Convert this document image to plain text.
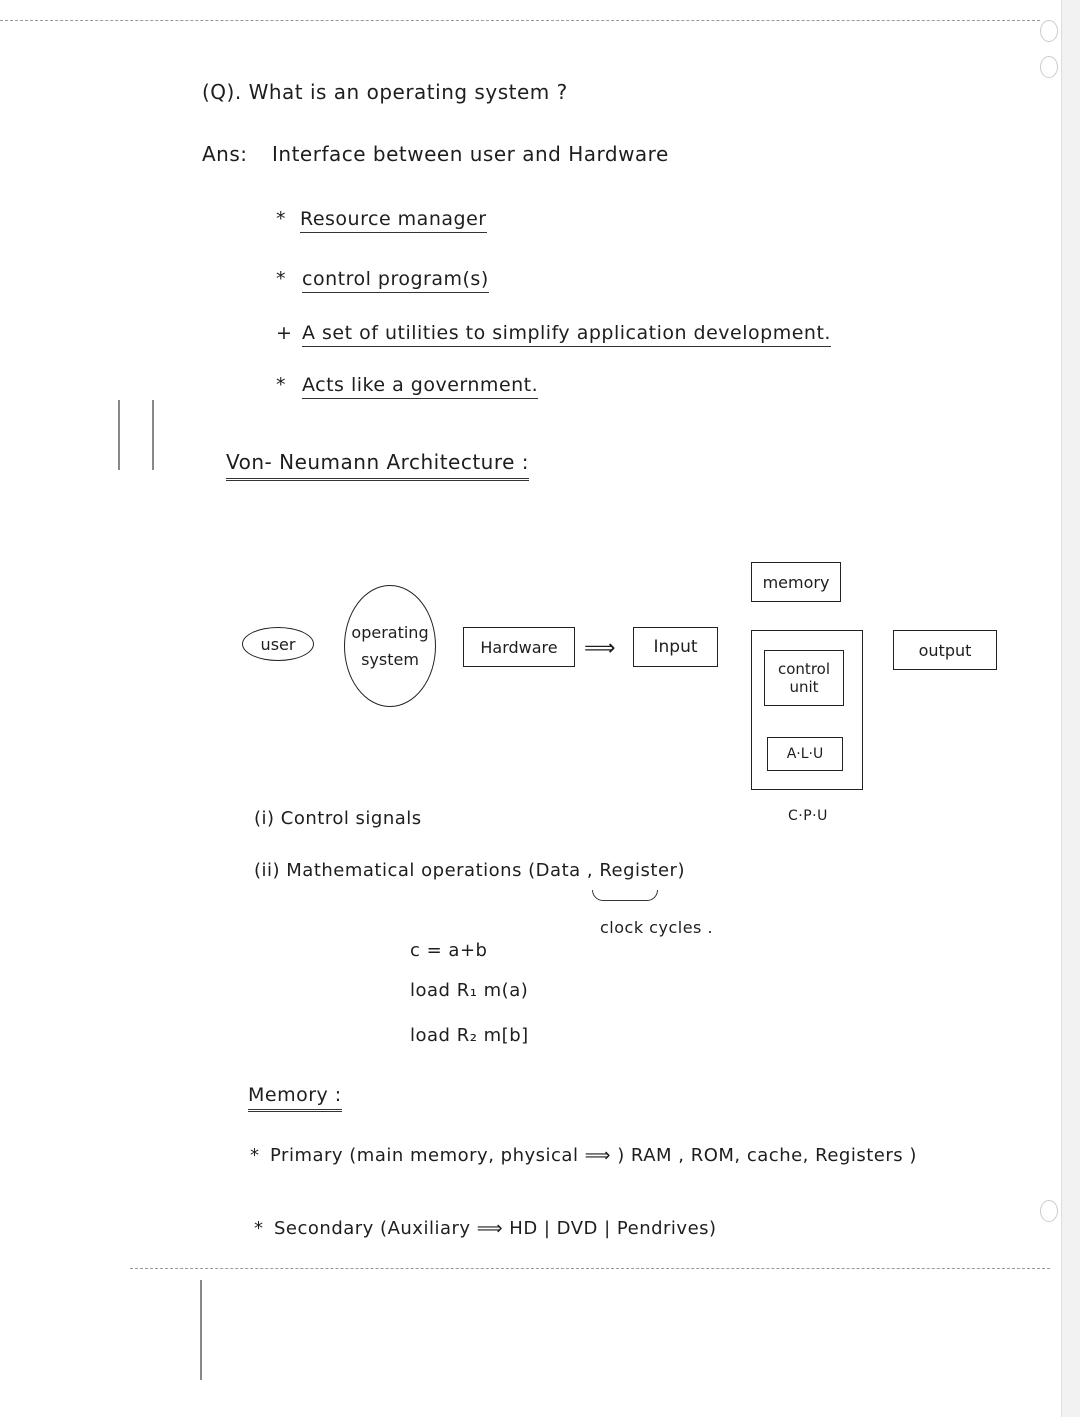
(Q). What is an operating system ?
Ans: Interface between user and Hardware
* Resource manager
* control program(s)
+ A set of utilities to simplify application development.
* Acts like a government.
Von- Neumann Architecture :
user
operating
system
Hardware	⟹	Input
memory
control
unit
A·L·U
output
C·P·U
(i) Control signals
(ii) Mathematical operations (Data , Register)
clock cycles .
c = a+b
load R₁ m(a)
load R₂ m[b]
Memory :
* Primary (main memory, physical ⟹ ) RAM , ROM, cache, Registers )
* Secondary (Auxiliary ⟹ HD | DVD | Pendrives)
